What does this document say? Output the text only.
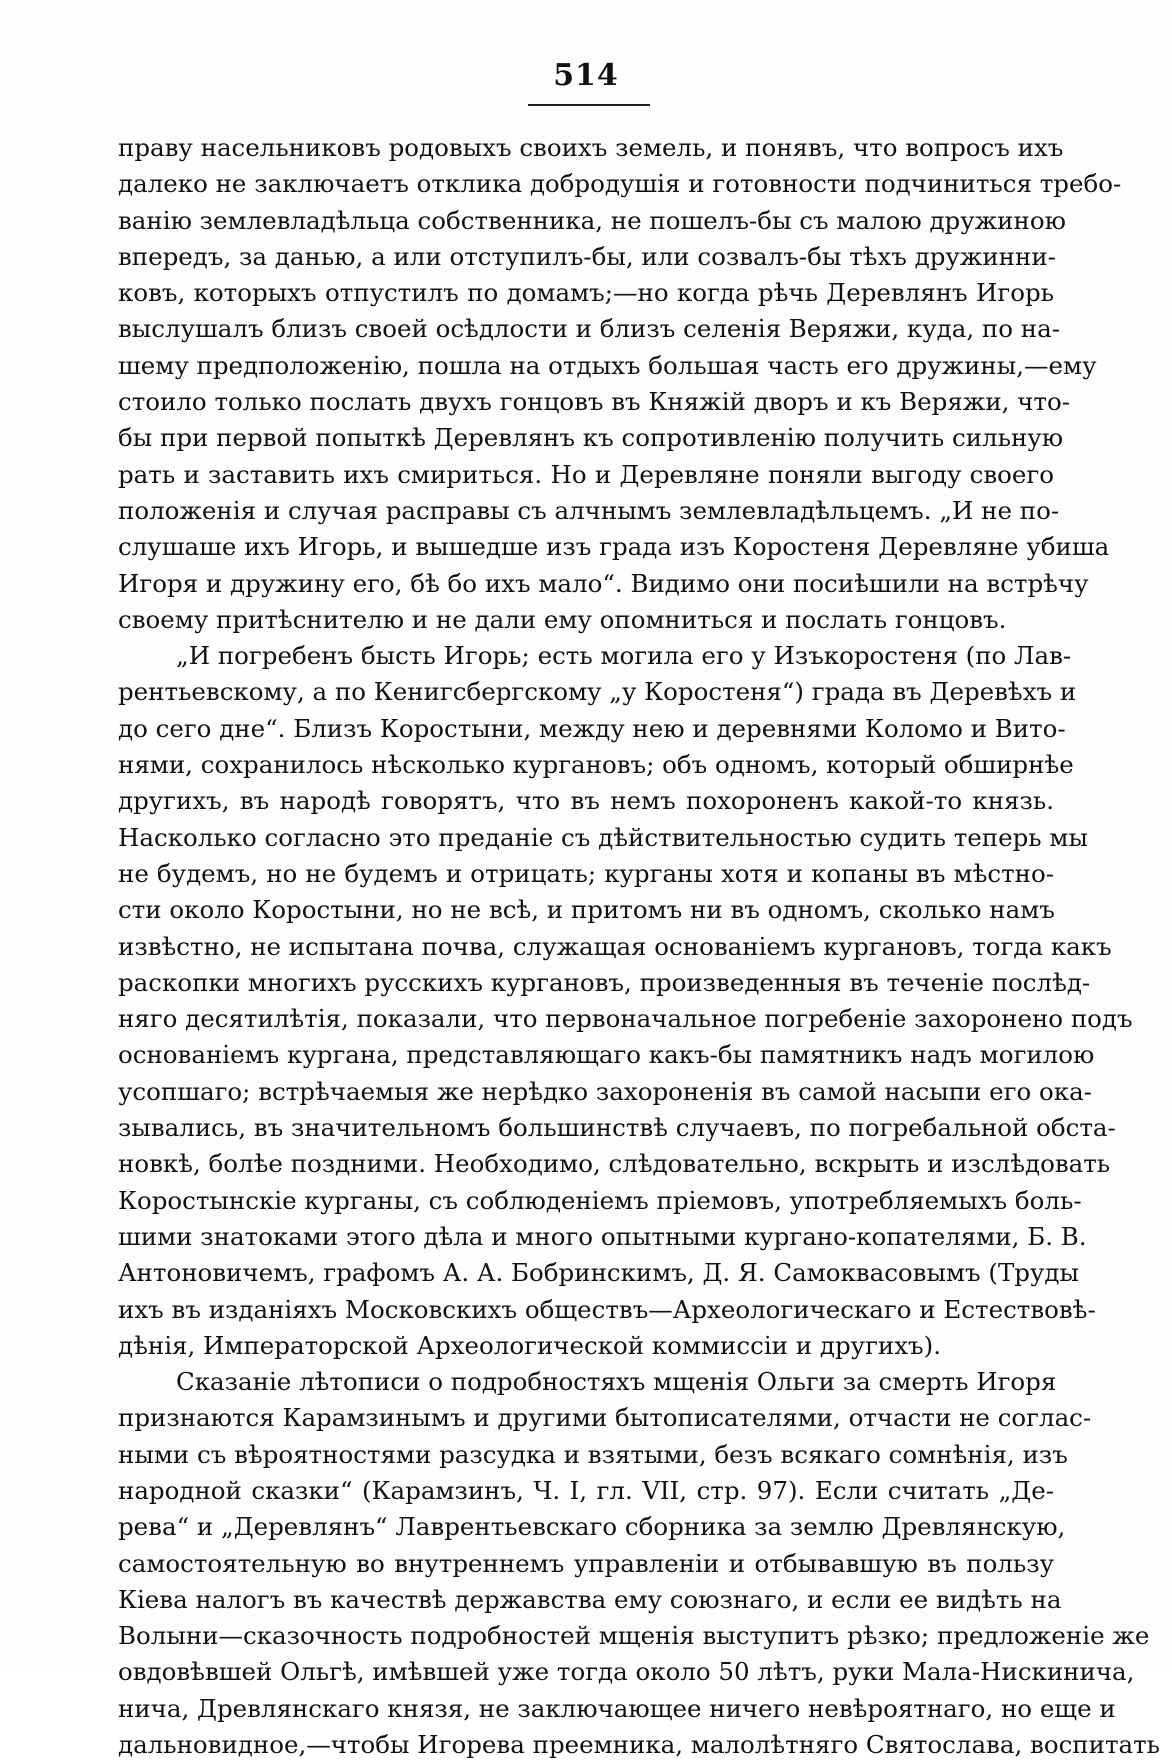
514
праву насельниковъ родовыхъ своихъ земель, и понявъ, что вопросъ ихъ
далеко не заключаетъ отклика добродушія и готовности подчиниться требо-
ванію землевладѣльца собственника, не пошелъ-бы съ малою дружиною
впередъ, за данью, а или отступилъ-бы, или созвалъ-бы тѣхъ дружинни-
ковъ, которыхъ отпустилъ по домамъ;—но когда рѣчь Деревлянъ Игорь
выслушалъ близъ своей осѣдлости и близъ селенія Веряжи, куда, по на-
шему предположенію, пошла на отдыхъ большая часть его дружины,—ему
стоило только послать двухъ гонцовъ въ Княжій дворъ и къ Веряжи, что-
бы при первой попыткѣ Деревлянъ къ сопротивленію получить сильную
рать и заставить ихъ смириться. Но и Деревляне поняли выгоду своего
положенія и случая расправы съ алчнымъ землевладѣльцемъ. „И не по-
слушаше ихъ Игорь, и вышедше изъ града изъ Коростеня Деревляне убиша
Игоря и дружину его, бѣ бо ихъ мало“. Видимо они посиѣшили на встрѣчу
своему притѣснителю и не дали ему опомниться и послать гонцовъ.
„И погребенъ бысть Игорь; есть могила его у Изъкоростеня (по Лав-
рентьевскому, а по Кенигсбергскому „у Коростеня“) града въ Деревѣхъ и
до сего дне“. Близъ Коростыни, между нею и деревнями Коломо и Вито-
нями, сохранилось нѣсколько кургановъ; объ одномъ, который обширнѣе
другихъ, въ народѣ говорятъ, что въ немъ похороненъ какой-то князь.
Насколько согласно это преданіе съ дѣйствительностью судить теперь мы
не будемъ, но не будемъ и отрицать; курганы хотя и копаны въ мѣстно-
сти около Коростыни, но не всѣ, и притомъ ни въ одномъ, сколько намъ
извѣстно, не испытана почва, служащая основаніемъ кургановъ, тогда какъ
раскопки многихъ русскихъ кургановъ, произведенныя въ теченіе послѣд-
няго десятилѣтія, показали, что первоначальное погребеніе захоронено подъ
основаніемъ кургана, представляющаго какъ-бы памятникъ надъ могилою
усопшаго; встрѣчаемыя же нерѣдко захороненія въ самой насыпи его ока-
зывались, въ значительномъ большинствѣ случаевъ, по погребальной обста-
новкѣ, болѣе поздними. Необходимо, слѣдовательно, вскрыть и изслѣдовать
Коростынскіе курганы, съ соблюденіемъ пріемовъ, употребляемыхъ боль-
шими знатоками этого дѣла и много опытными кургано-копателями, Б. В.
Антоновичемъ, графомъ А. А. Бобринскимъ, Д. Я. Самоквасовымъ (Труды
ихъ въ изданіяхъ Московскихъ обществъ—Археологическаго и Естествовѣ-
дѣнія, Императорской Археологической коммиссіи и другихъ).
Сказаніе лѣтописи о подробностяхъ мщенія Ольги за смерть Игоря
признаются Карамзинымъ и другими бытописателями, отчасти не соглас-
ными съ вѣроятностями разсудка и взятыми, безъ всякаго сомнѣнія, изъ
народной сказки“ (Карамзинъ, Ч. I, гл. VII, стр. 97). Если считать „Де-
рева“ и „Деревлянъ“ Лаврентьевскаго сборника за землю Древлянскую,
самостоятельную во внутреннемъ управленіи и отбывавшую въ пользу
Кіева налогъ въ качествѣ державства ему союзнаго, и если ее видѣть на
Волыни—сказочность подробностей мщенія выступитъ рѣзко; предложеніе же
овдовѣвшей Ольгѣ, имѣвшей уже тогда около 50 лѣтъ, руки Мала-Нискинича,
нича, Древлянскаго князя, не заключающее ничего невѣроятнаго, но еще и
дальновидное,—чтобы Игорева преемника, малолѣтняго Святослава, воспитать
